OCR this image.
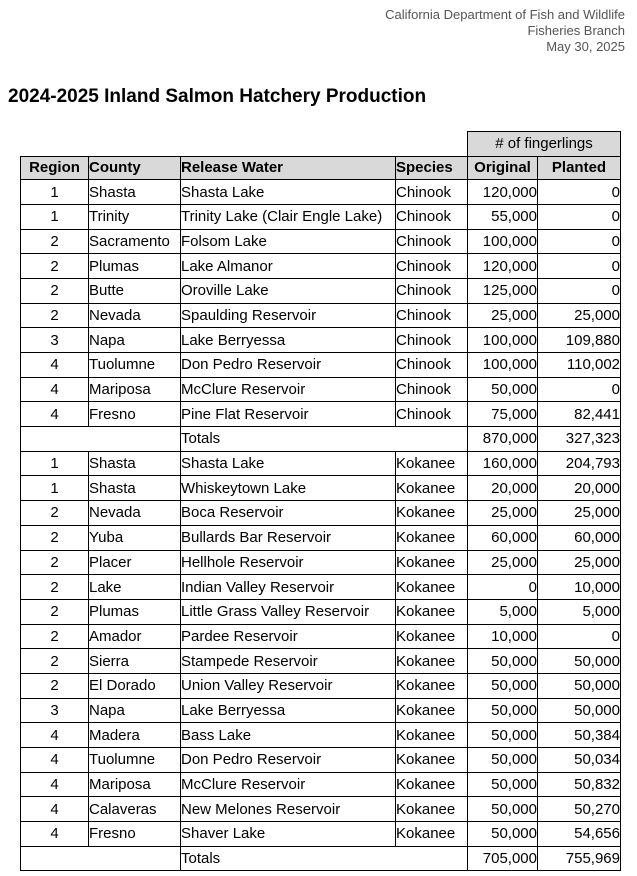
California Department of Fish and Wildlife
Fisheries Branch
May 30, 2025
2024-2025 Inland Salmon Hatchery Production
				# of fingerlings	
Region	County	Release Water	Species	Original	Planted
1	Shasta	Shasta Lake	Chinook	120,000	0
1	Trinity	Trinity Lake (Clair Engle Lake)	Chinook	55,000	0
2	Sacramento	Folsom Lake	Chinook	100,000	0
2	Plumas	Lake Almanor	Chinook	120,000	0
2	Butte	Oroville Lake	Chinook	125,000	0
2	Nevada	Spaulding Reservoir	Chinook	25,000	25,000
3	Napa	Lake Berryessa	Chinook	100,000	109,880
4	Tuolumne	Don Pedro Reservoir	Chinook	100,000	110,002
4	Mariposa	McClure Reservoir	Chinook	50,000	0
4	Fresno	Pine Flat Reservoir	Chinook	75,000	82,441
		Totals		870,000	327,323
1	Shasta	Shasta Lake	Kokanee	160,000	204,793
1	Shasta	Whiskeytown Lake	Kokanee	20,000	20,000
2	Nevada	Boca Reservoir	Kokanee	25,000	25,000
2	Yuba	Bullards Bar Reservoir	Kokanee	60,000	60,000
2	Placer	Hellhole Reservoir	Kokanee	25,000	25,000
2	Lake	Indian Valley Reservoir	Kokanee	0	10,000
2	Plumas	Little Grass Valley Reservoir	Kokanee	5,000	5,000
2	Amador	Pardee Reservoir	Kokanee	10,000	0
2	Sierra	Stampede Reservoir	Kokanee	50,000	50,000
2	El Dorado	Union Valley Reservoir	Kokanee	50,000	50,000
3	Napa	Lake Berryessa	Kokanee	50,000	50,000
4	Madera	Bass Lake	Kokanee	50,000	50,384
4	Tuolumne	Don Pedro Reservoir	Kokanee	50,000	50,034
4	Mariposa	McClure Reservoir	Kokanee	50,000	50,832
4	Calaveras	New Melones Reservoir	Kokanee	50,000	50,270
4	Fresno	Shaver Lake	Kokanee	50,000	54,656
		Totals		705,000	755,969
